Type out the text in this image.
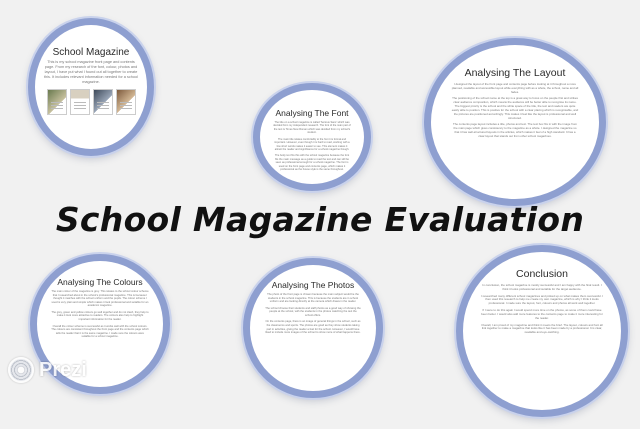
School Magazine
This is my school magazine front page and contents page. From my research of the font, colour, photos and layout, I have put what I found out all together to create this. It includes relevant information needed for a school magazine.
Analysing The Font

The title on a school magazine is called 'Serious Sans' which was decided from my independent research. The font of the main part of the text is Times New Roman which was decided from my school's student.

The main title relates comfortably to the font it is formal and important. However, even though it is hard to read, working with a few short words makes it easier to see. This element makes it attract the reader and significance for a school magazine though.

The body text fits this with the school magazine because the font fits the main message as a guide to read the text and can still be seen as professional enough for a school magazine. The font is used on the front page and contents page, which makes it professional as the house style is the same throughout.

Analysing The Layout

I designed the layout of the front page and contents page before looking at it throughout a more planned, readable and accessible layout while everything with as a whole, the school, name and all fades.

The positioning of the school name at the top is a great way to focus on the people first and strikes clear audience composition, which means the audience will be better able to recognise its name. The biggest priority is the school and the white space of the title, the text and readers are quite easily able to position. This is positive for the school with a clear placing which is recognisable, and the pictures are positioned accordingly. This makes it feel like the layout is professional and well structured.

The contents page layout includes a title, photos and text. The text box fits in with the image from the main page which gives consistency to the magazine as a whole. I designed the magazine so that it has well-structured layouts in the articles, which makes it feel of a high standard. It has a clear layout that stands out from other school magazines.

School Magazine Evaluation
Analysing The Colours

The main colour of the magazine is grey. This relates to the school colour scheme that I researched about in the school's professional magazine. This is because I thought it matches with the school uniform and the pupils. The colour scheme I used is very plain and simple which makes it look professional and suitable for an academic magazine.

The grey, green and yellow colours go well together and do not clash, they help to make it look more attractive to readers. The colours also help to highlight important information for the reader.

Overall the colour scheme is successful as it works well with the school colours. The colours are consistent throughout the front page and the contents page which tells the reader that it is the same magazine. I made sure the colours were suitable for a school magazine.

Analysing The Photos

The photo of the front page is chosen because the main subject would be the students in the school magazine. This is because the students are in school uniform and are looking directly at the camera which draws in the reader.

The school choose their students and staff photos as a good way of showing the people at the school, with the students in the photos matching the text the school offers.

On the contents page, there is an image of general things in the school, such as the classrooms and sports. The photos are good as they show students taking part in activities, giving the reader a feel for the school. However, I would have liked to include more images of the school to show more of what happens there.

Conclusion

In conclusion, the school magazine is mostly successful and I am happy with the final result. I think it looks professional and suitable for the target audience.

I researched many different school magazines and picked up on what makes them successful. I then used this research to help me create my own magazine, which is why I think it looks professional. I made sure the layout, font, colours and photos all work well together.

If I were to do this again I would spend more time on the photos, as some of them could have been better. I would also add more features to the contents page to make it more interesting for the reader.

Overall, I am proud of my magazine and think it meets the brief. The layout, colours and font all link together to make a magazine that looks like it has been made by a professional. It is clear, readable and eye-catching.

Prezi
